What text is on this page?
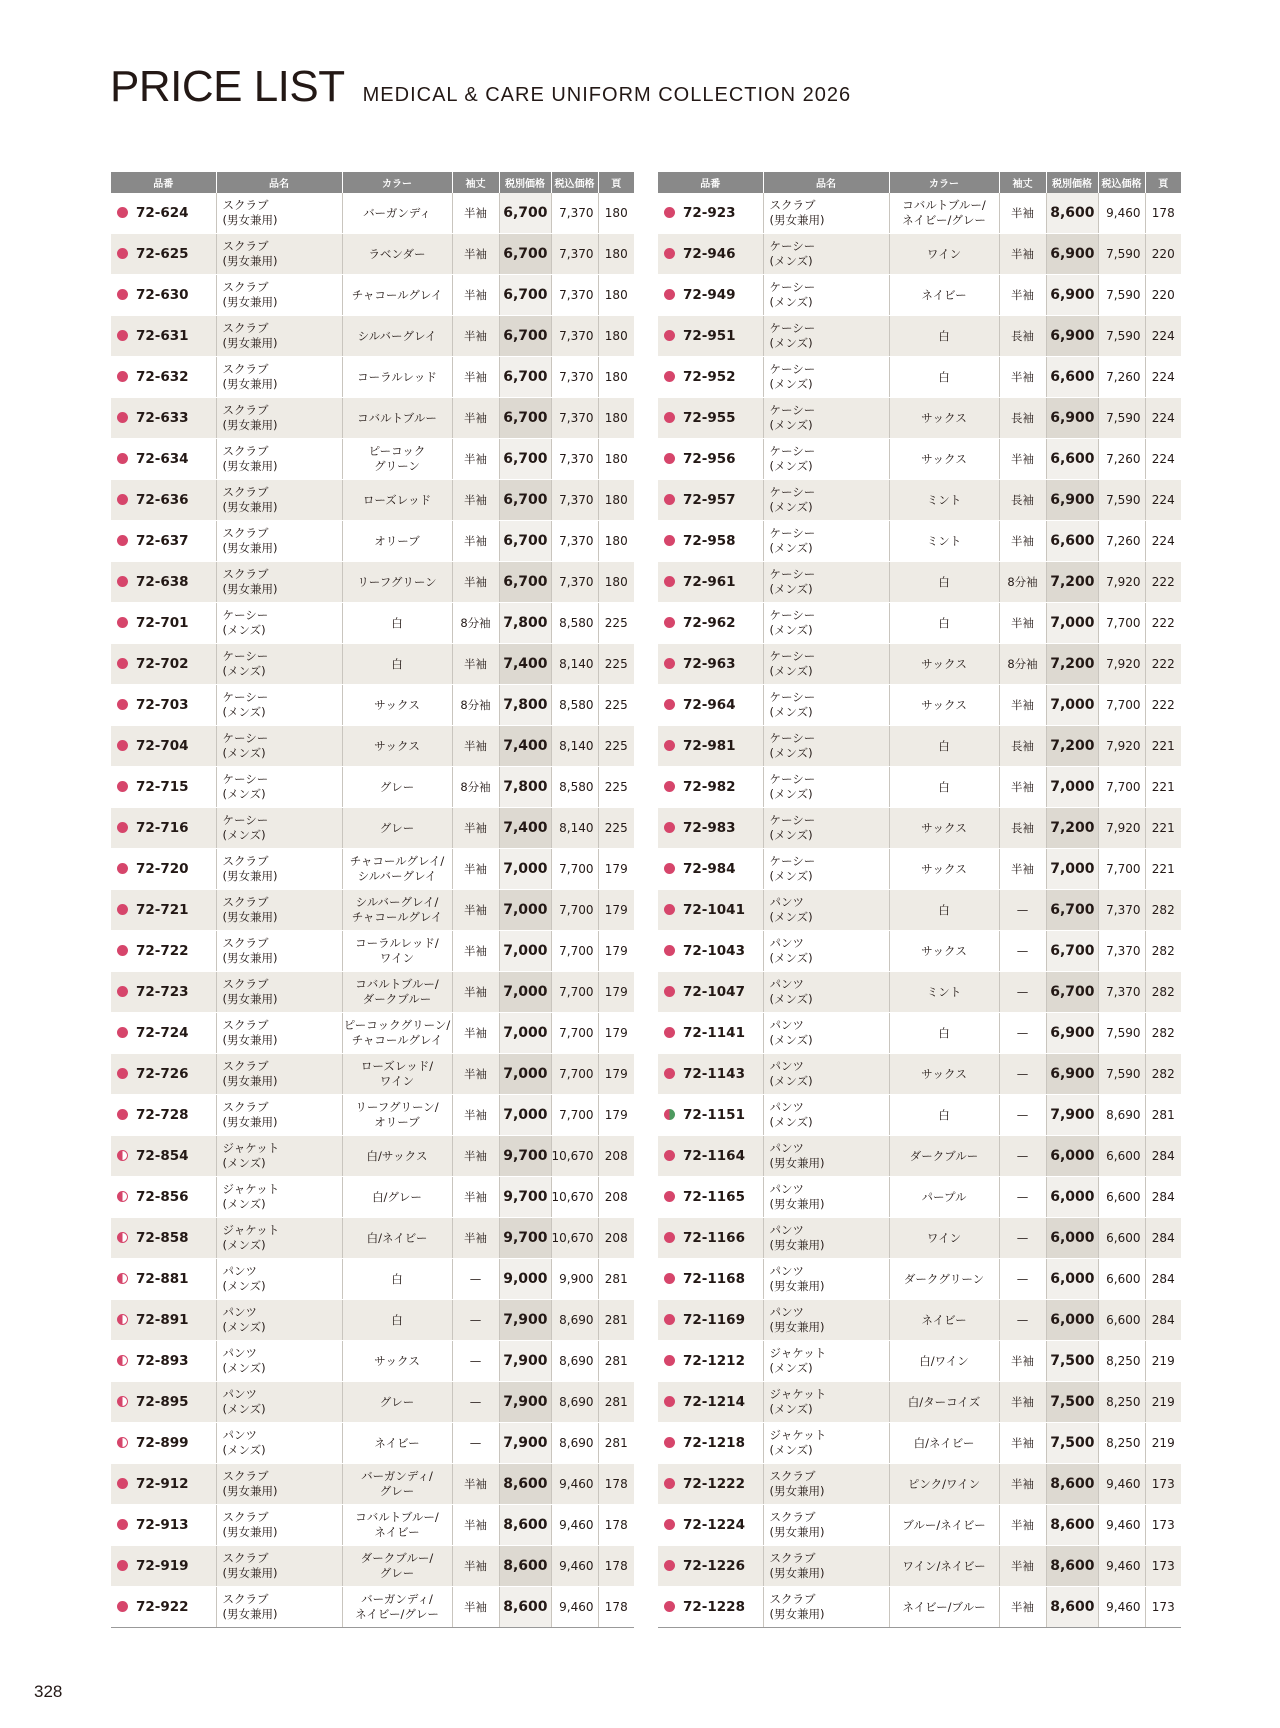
PRICE LIST MEDICAL & CARE UNIFORM COLLECTION 2026
品番	品名	カラー	袖丈	税別価格	税込価格	頁
72-624	スクラブ
(男女兼用)	バーガンディ	半袖	6,700	7,370	180
72-625	スクラブ
(男女兼用)	ラベンダー	半袖	6,700	7,370	180
72-630	スクラブ
(男女兼用)	チャコールグレイ	半袖	6,700	7,370	180
72-631	スクラブ
(男女兼用)	シルバーグレイ	半袖	6,700	7,370	180
72-632	スクラブ
(男女兼用)	コーラルレッド	半袖	6,700	7,370	180
72-633	スクラブ
(男女兼用)	コバルトブルー	半袖	6,700	7,370	180
72-634	スクラブ
(男女兼用)	ピーコック
グリーン	半袖	6,700	7,370	180
72-636	スクラブ
(男女兼用)	ローズレッド	半袖	6,700	7,370	180
72-637	スクラブ
(男女兼用)	オリーブ	半袖	6,700	7,370	180
72-638	スクラブ
(男女兼用)	リーフグリーン	半袖	6,700	7,370	180
72-701	ケーシー
(メンズ)	白	8分袖	7,800	8,580	225
72-702	ケーシー
(メンズ)	白	半袖	7,400	8,140	225
72-703	ケーシー
(メンズ)	サックス	8分袖	7,800	8,580	225
72-704	ケーシー
(メンズ)	サックス	半袖	7,400	8,140	225
72-715	ケーシー
(メンズ)	グレー	8分袖	7,800	8,580	225
72-716	ケーシー
(メンズ)	グレー	半袖	7,400	8,140	225
72-720	スクラブ
(男女兼用)	チャコールグレイ/
シルバーグレイ	半袖	7,000	7,700	179
72-721	スクラブ
(男女兼用)	シルバーグレイ/
チャコールグレイ	半袖	7,000	7,700	179
72-722	スクラブ
(男女兼用)	コーラルレッド/
ワイン	半袖	7,000	7,700	179
72-723	スクラブ
(男女兼用)	コバルトブルー/
ダークブルー	半袖	7,000	7,700	179
72-724	スクラブ
(男女兼用)	ピーコックグリーン/
チャコールグレイ	半袖	7,000	7,700	179
72-726	スクラブ
(男女兼用)	ローズレッド/
ワイン	半袖	7,000	7,700	179
72-728	スクラブ
(男女兼用)	リーフグリーン/
オリーブ	半袖	7,000	7,700	179
72-854	ジャケット
(メンズ)	白/サックス	半袖	9,700	10,670	208
72-856	ジャケット
(メンズ)	白/グレー	半袖	9,700	10,670	208
72-858	ジャケット
(メンズ)	白/ネイビー	半袖	9,700	10,670	208
72-881	パンツ
(メンズ)	白	—	9,000	9,900	281
72-891	パンツ
(メンズ)	白	—	7,900	8,690	281
72-893	パンツ
(メンズ)	サックス	—	7,900	8,690	281
72-895	パンツ
(メンズ)	グレー	—	7,900	8,690	281
72-899	パンツ
(メンズ)	ネイビー	—	7,900	8,690	281
72-912	スクラブ
(男女兼用)	バーガンディ/
グレー	半袖	8,600	9,460	178
72-913	スクラブ
(男女兼用)	コバルトブルー/
ネイビー	半袖	8,600	9,460	178
72-919	スクラブ
(男女兼用)	ダークブルー/
グレー	半袖	8,600	9,460	178
72-922	スクラブ
(男女兼用)	バーガンディ/
ネイビー/グレー	半袖	8,600	9,460	178
品番	品名	カラー	袖丈	税別価格	税込価格	頁
72-923	スクラブ
(男女兼用)	コバルトブルー/
ネイビー/グレー	半袖	8,600	9,460	178
72-946	ケーシー
(メンズ)	ワイン	半袖	6,900	7,590	220
72-949	ケーシー
(メンズ)	ネイビー	半袖	6,900	7,590	220
72-951	ケーシー
(メンズ)	白	長袖	6,900	7,590	224
72-952	ケーシー
(メンズ)	白	半袖	6,600	7,260	224
72-955	ケーシー
(メンズ)	サックス	長袖	6,900	7,590	224
72-956	ケーシー
(メンズ)	サックス	半袖	6,600	7,260	224
72-957	ケーシー
(メンズ)	ミント	長袖	6,900	7,590	224
72-958	ケーシー
(メンズ)	ミント	半袖	6,600	7,260	224
72-961	ケーシー
(メンズ)	白	8分袖	7,200	7,920	222
72-962	ケーシー
(メンズ)	白	半袖	7,000	7,700	222
72-963	ケーシー
(メンズ)	サックス	8分袖	7,200	7,920	222
72-964	ケーシー
(メンズ)	サックス	半袖	7,000	7,700	222
72-981	ケーシー
(メンズ)	白	長袖	7,200	7,920	221
72-982	ケーシー
(メンズ)	白	半袖	7,000	7,700	221
72-983	ケーシー
(メンズ)	サックス	長袖	7,200	7,920	221
72-984	ケーシー
(メンズ)	サックス	半袖	7,000	7,700	221
72-1041	パンツ
(メンズ)	白	—	6,700	7,370	282
72-1043	パンツ
(メンズ)	サックス	—	6,700	7,370	282
72-1047	パンツ
(メンズ)	ミント	—	6,700	7,370	282
72-1141	パンツ
(メンズ)	白	—	6,900	7,590	282
72-1143	パンツ
(メンズ)	サックス	—	6,900	7,590	282
72-1151	パンツ
(メンズ)	白	—	7,900	8,690	281
72-1164	パンツ
(男女兼用)	ダークブルー	—	6,000	6,600	284
72-1165	パンツ
(男女兼用)	パープル	—	6,000	6,600	284
72-1166	パンツ
(男女兼用)	ワイン	—	6,000	6,600	284
72-1168	パンツ
(男女兼用)	ダークグリーン	—	6,000	6,600	284
72-1169	パンツ
(男女兼用)	ネイビー	—	6,000	6,600	284
72-1212	ジャケット
(メンズ)	白/ワイン	半袖	7,500	8,250	219
72-1214	ジャケット
(メンズ)	白/ターコイズ	半袖	7,500	8,250	219
72-1218	ジャケット
(メンズ)	白/ネイビー	半袖	7,500	8,250	219
72-1222	スクラブ
(男女兼用)	ピンク/ワイン	半袖	8,600	9,460	173
72-1224	スクラブ
(男女兼用)	ブルー/ネイビー	半袖	8,600	9,460	173
72-1226	スクラブ
(男女兼用)	ワイン/ネイビー	半袖	8,600	9,460	173
72-1228	スクラブ
(男女兼用)	ネイビー/ブルー	半袖	8,600	9,460	173
328
